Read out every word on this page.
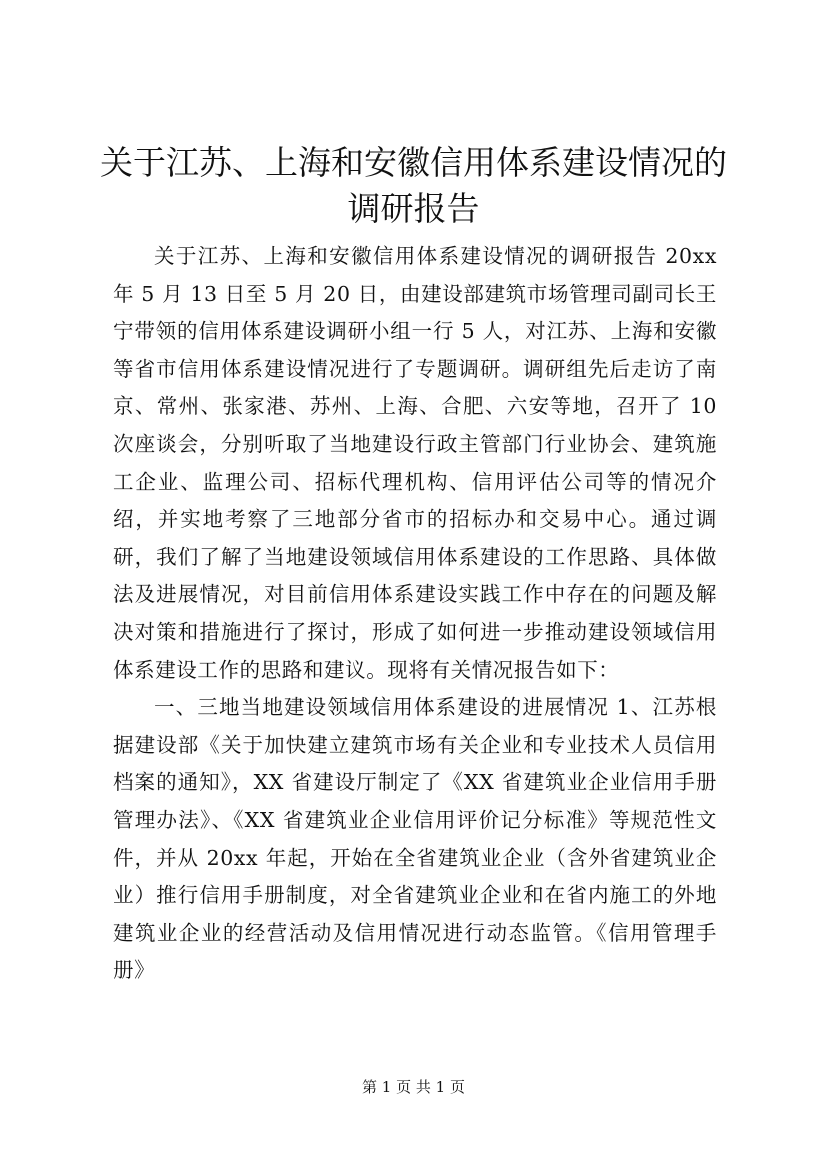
关于江苏、上海和安徽信用体系建设情况的调研报告

关于江苏、上海和安徽信用体系建设情况的调研报告 20xx 年 5 月 13 日至 5 月 20 日，由建设部建筑市场管理司副司长王宁带领的信用体系建设调研小组一行 5 人，对江苏、上海和安徽等省市信用体系建设情况进行了专题调研。调研组先后走访了南京、常州、张家港、苏州、上海、合肥、六安等地，召开了 10 次座谈会，分别听取了当地建设行政主管部门行业协会、建筑施工企业、监理公司、招标代理机构、信用评估公司等的情况介绍，并实地考察了三地部分省市的招标办和交易中心。通过调研，我们了解了当地建设领域信用体系建设的工作思路、具体做法及进展情况，对目前信用体系建设实践工作中存在的问题及解决对策和措施进行了探讨，形成了如何进一步推动建设领域信用体系建设工作的思路和建议。现将有关情况报告如下：

一、三地当地建设领域信用体系建设的进展情况 1、江苏根据建设部《关于加快建立建筑市场有关企业和专业技术人员信用档案的通知》，XX 省建设厅制定了《XX 省建筑业企业信用手册管理办法》、《XX 省建筑业企业信用评价记分标准》等规范性文件，并从 20xx 年起，开始在全省建筑业企业（含外省建筑业企业）推行信用手册制度，对全省建筑业企业和在省内施工的外地建筑业企业的经营活动及信用情况进行动态监管。《信用管理手册》

第 1 页 共 1 页
